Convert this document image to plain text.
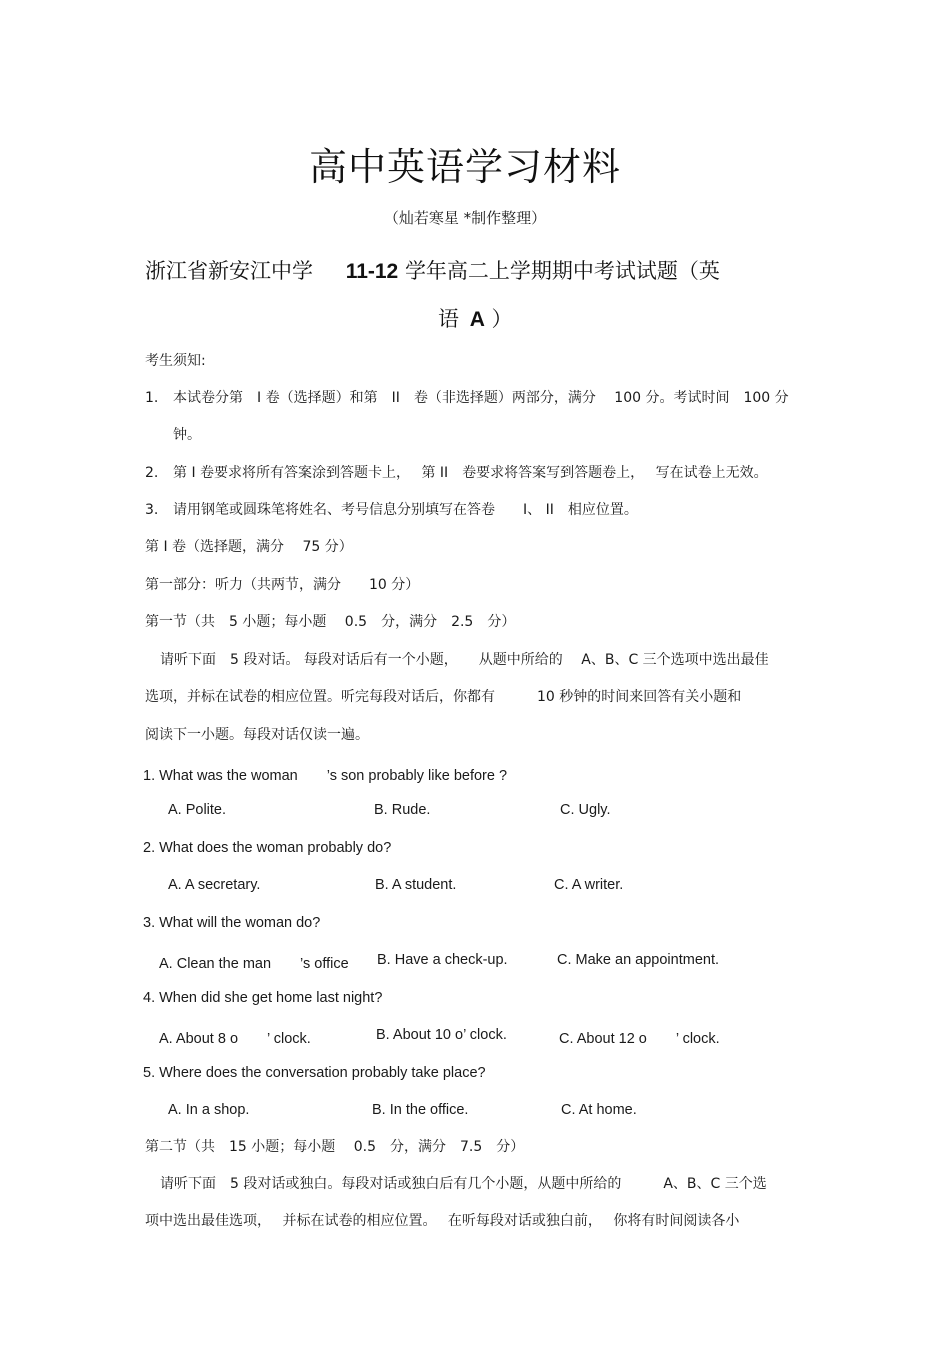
高中英语学习材料
（灿若寒星 *制作整理）
浙江省新安江中学 11-12 学年高二上学期期中考试试题（英
语 A ）
考生须知:
1. 本试卷分第　I 卷（选择题）和第　II　卷（非选择题）两部分，满分　 100 分。考试时间　100 分
钟。
2. 第 I 卷要求将所有答案涂到答题卡上，　 第 II　卷要求将答案写到答题卷上，　 写在试卷上无效。
3. 请用钢笔或圆珠笔将姓名、考号信息分别填写在答卷　　I、 II　相应位置。
第 I 卷（选择题，满分　 75 分）
第一部分：听力（共两节，满分　　10 分）
第一节（共　5 小题；每小题　 0.5　分，满分　2.5　分）
请听下面　5 段对话。 每段对话后有一个小题，　　从题中所给的　 A、B、C 三个选项中选出最佳
选项，并标在试卷的相应位置。听完每段对话后，你都有　　　10 秒钟的时间来回答有关小题和
阅读下一小题。每段对话仅读一遍。
1. What was the woman　　’s son probably like before ?
A. Polite.	B. Rude.	C. Ugly.
2. What does the woman probably do?
A. A secretary.	B. A student.	C. A writer.
3. What will the woman do?
A. Clean the man　　’s office B. Have a check-up.	C. Make an appointment.
4. When did she get home last night?
A. About 8 o　　’ clock.	B. About 10 o’ clock.	C. About 12 o　　’ clock.
5. Where does the conversation probably take place?
A. In a shop.	B. In the office.	C. At home.
第二节（共　15 小题；每小题　 0.5　分，满分　7.5　分）
请听下面　5 段对话或独白。每段对话或独白后有几个小题，从题中所给的　　　A、B、C 三个选
项中选出最佳选项，　 并标在试卷的相应位置。　 在听每段对话或独白前，　 你将有时间阅读各小
